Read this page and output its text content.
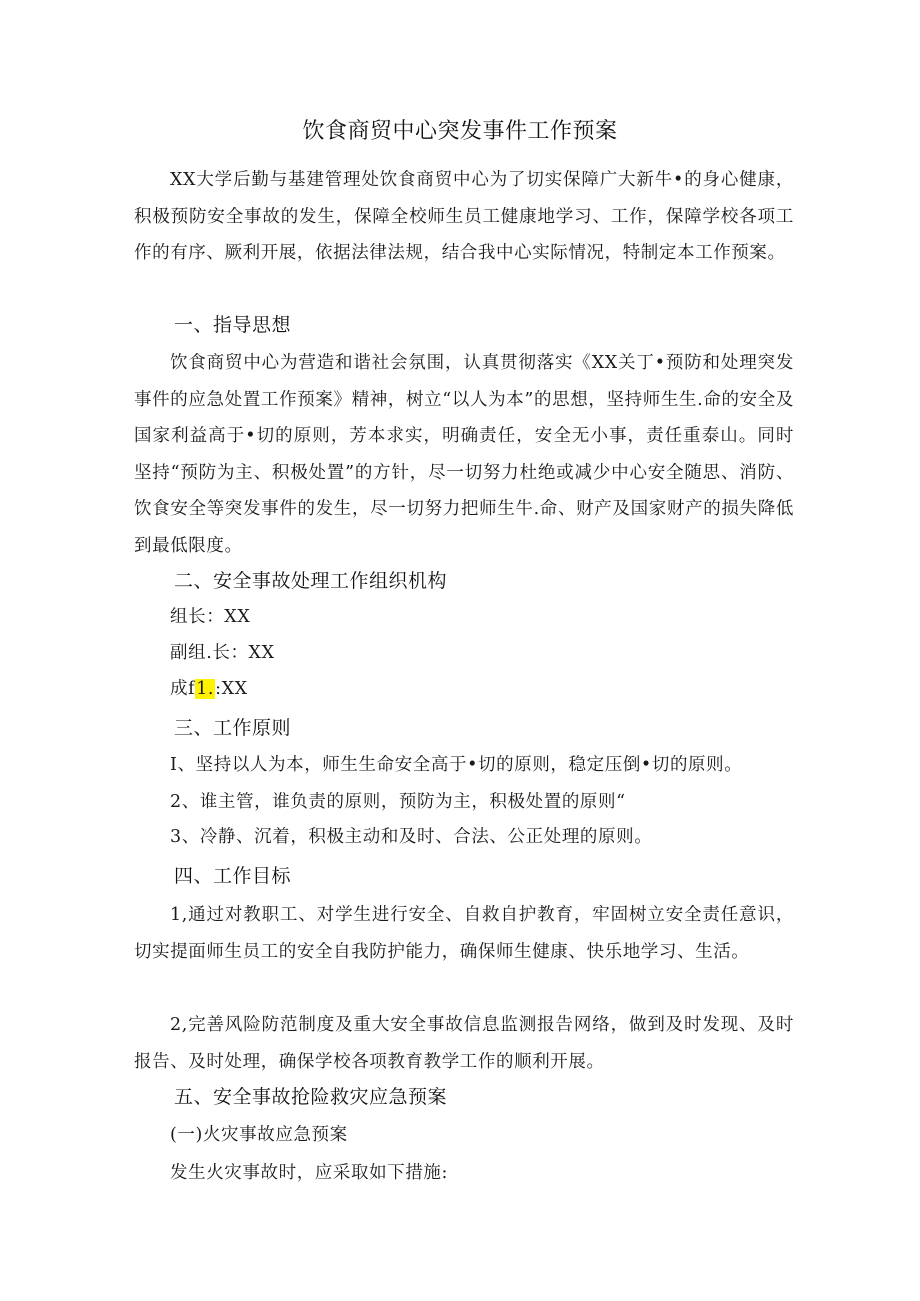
饮食商贸中心突发事件工作预案

XX大学后勤与基建管理处饮食商贸中心为了切实保障广大新牛•的身心健康，积极预防安全事故的发生，保障全校师生员工健康地学习、工作，保障学校各项工作的有序、厥利开展，依据法律法规，结合我中心实际情况，特制定本工作预案。

一、指导思想

饮食商贸中心为营造和谐社会氛围，认真贯彻落实《XX关丁•预防和处理突发事件的应急处置工作预案》精神，树立“以人为本”的思想，坚持师生生.命的安全及国家利益高于•切的原则，芳本求实，明确责任，安全无小事，责任重泰山。同时坚持“预防为主、积极处置”的方针，尽一切努力杜绝或减少中心安全随思、消防、饮食安全等突发事件的发生，尽一切努力把师生牛.命、财产及国家财产的损失降低到最低限度。

二、安全事故处理工作组织机构

组长：XX

副组.长：XX

成f1.:XX

三、工作原则

I、坚持以人为本，师生生命安全高于•切的原则，稳定压倒•切的原则。

2、谁主管，谁负责的原则，预防为主，积极处置的原则“

3、冷静、沉着，积极主动和及时、合法、公正处理的原则。

四、工作目标

1,通过对教职工、对学生进行安全、自救自护教育，牢固树立安全责任意识，切实提面师生员工的安全自我防护能力，确保师生健康、快乐地学习、生活。

2,完善风险防范制度及重大安全事故信息监测报告网络，做到及时发现、及时报告、及时处理，确保学校各项教育教学工作的顺利开展。

五、安全事故抢险救灾应急预案

(一)火灾事故应急预案

发生火灾事故时，应采取如下措施:
